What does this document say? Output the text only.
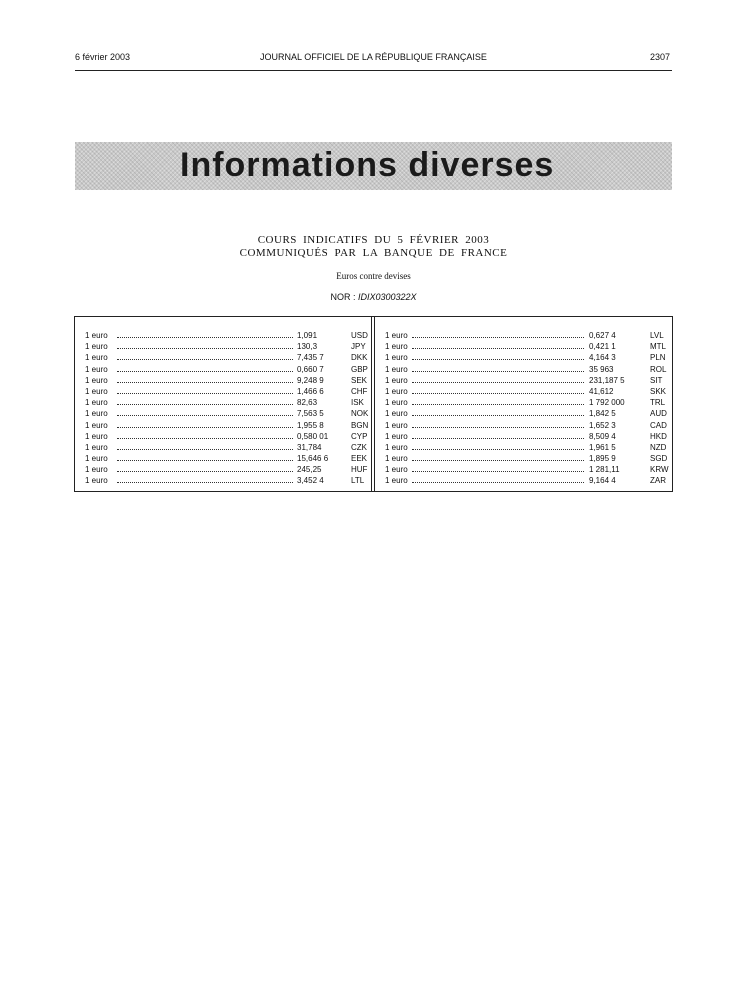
6 février 2003	JOURNAL OFFICIEL DE LA RÉPUBLIQUE FRANÇAISE	2307
Informations diverses
COURS INDICATIFS DU 5 FÉVRIER 2003
COMMUNIQUÉS PAR LA BANQUE DE FRANCE
Euros contre devises
NOR : IDIX0300322X
1 euro	1,091	USD
1 euro	130,3	JPY
1 euro	7,435 7	DKK
1 euro	0,660 7	GBP
1 euro	9,248 9	SEK
1 euro	1,466 6	CHF
1 euro	82,63	ISK
1 euro	7,563 5	NOK
1 euro	1,955 8	BGN
1 euro	0,580 01	CYP
1 euro	31,784	CZK
1 euro	15,646 6	EEK
1 euro	245,25	HUF
1 euro	3,452 4	LTL
1 euro	0,627 4	LVL
1 euro	0,421 1	MTL
1 euro	4,164 3	PLN
1 euro	35 963	ROL
1 euro	231,187 5	SIT
1 euro	41,612	SKK
1 euro	1 792 000	TRL
1 euro	1,842 5	AUD
1 euro	1,652 3	CAD
1 euro	8,509 4	HKD
1 euro	1,961 5	NZD
1 euro	1,895 9	SGD
1 euro	1 281,11	KRW
1 euro	9,164 4	ZAR
